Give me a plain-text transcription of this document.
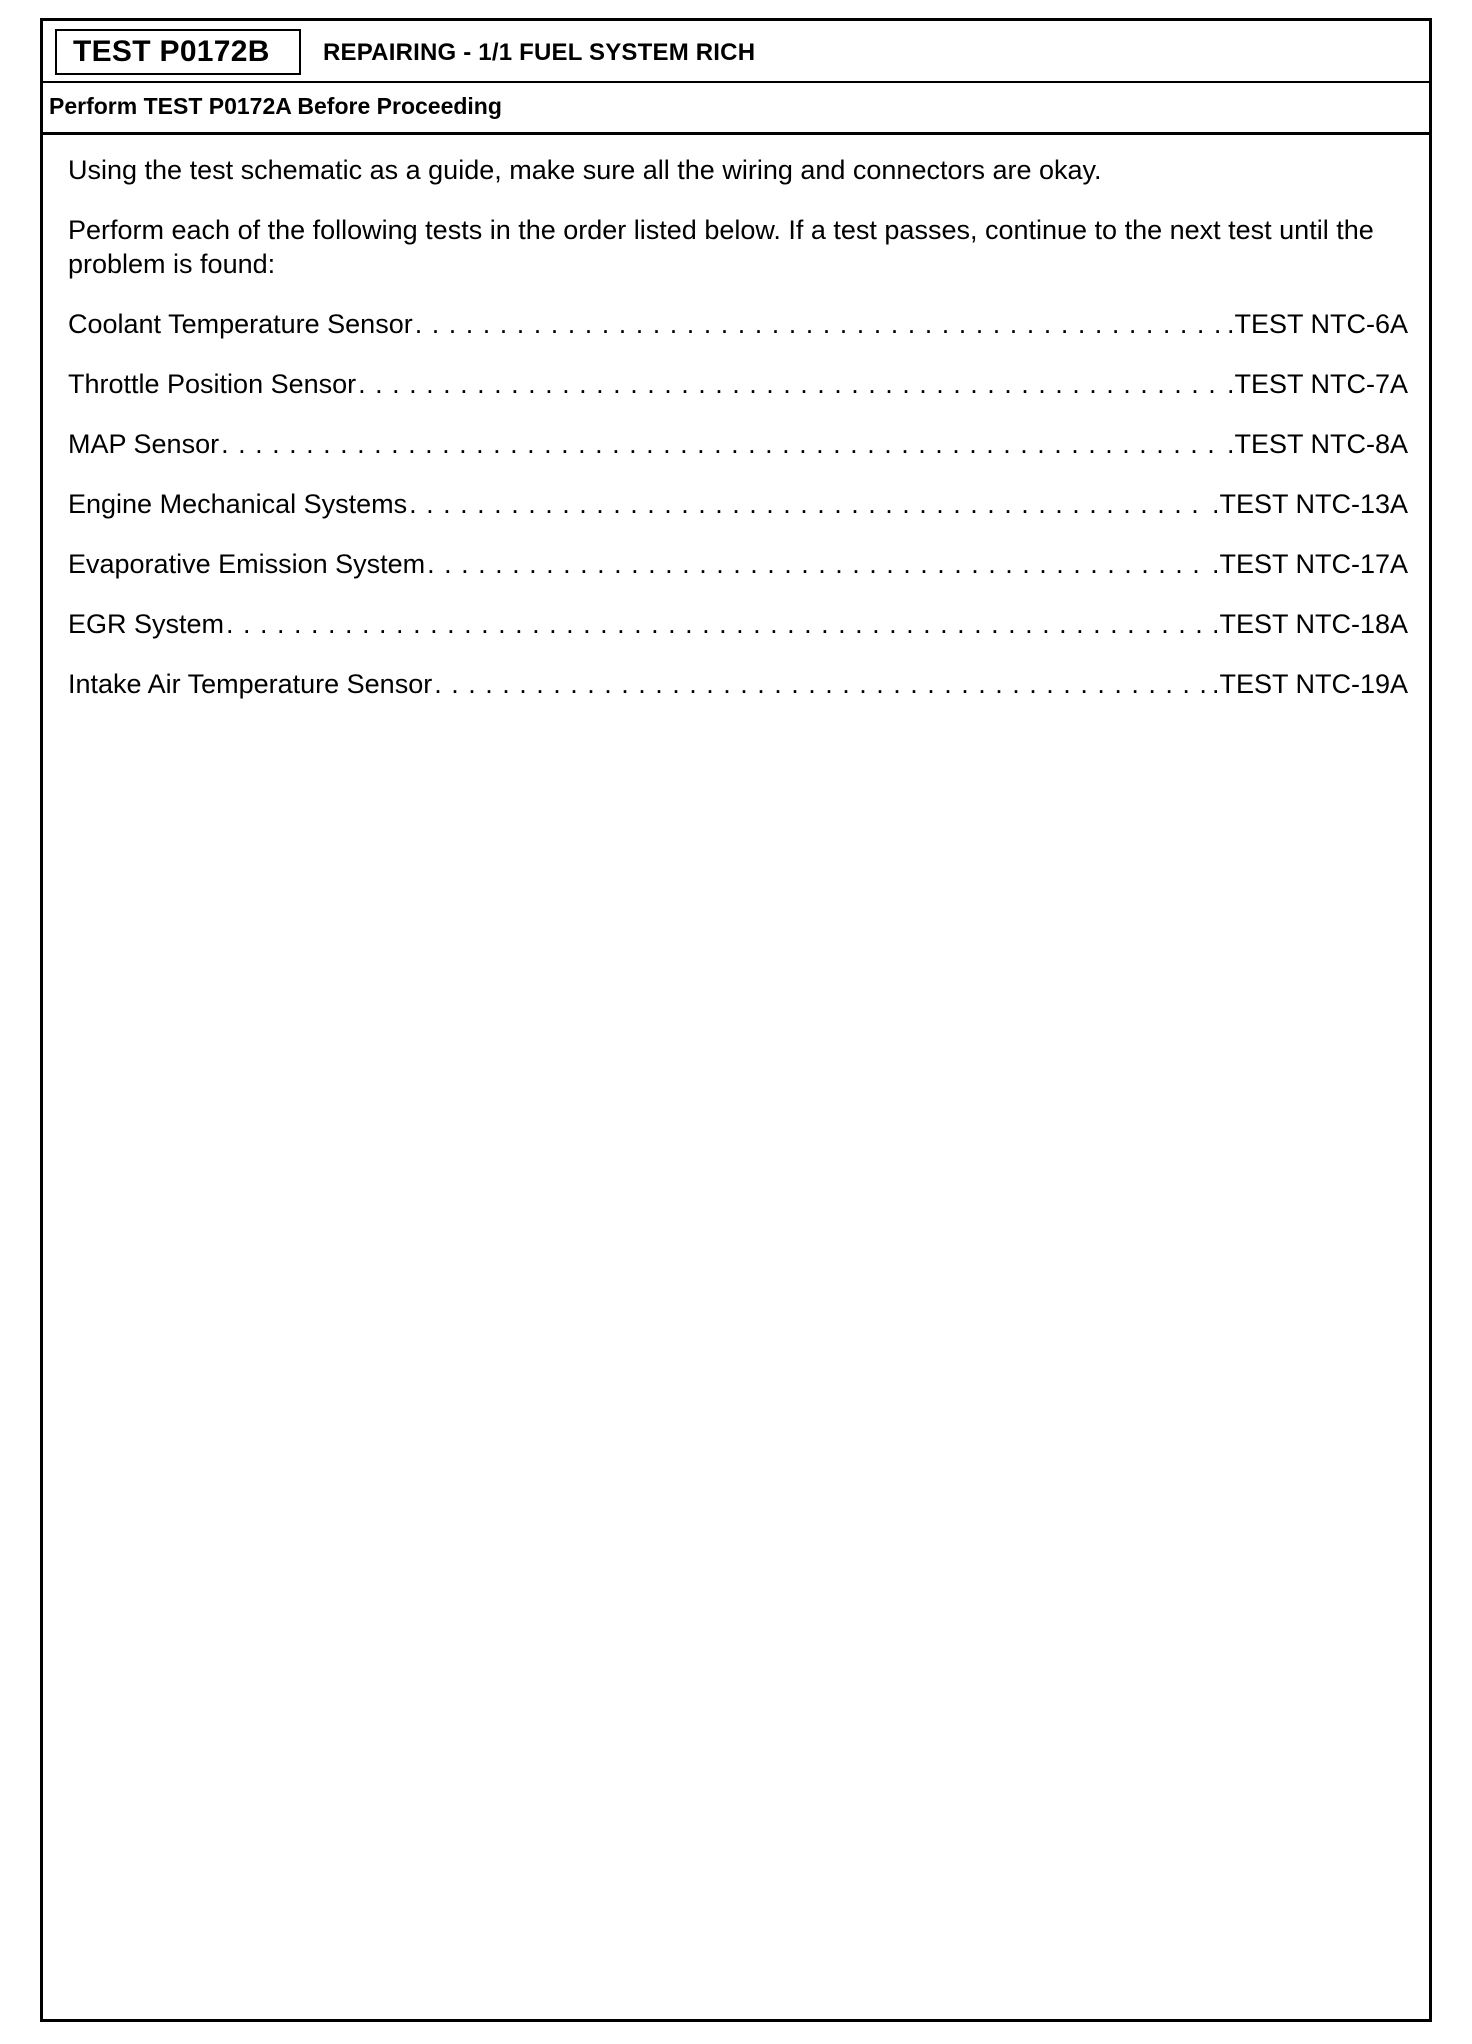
TEST P0172B	REPAIRING - 1/1 FUEL SYSTEM RICH
Perform TEST P0172A Before Proceeding

Using the test schematic as a guide, make sure all the wiring and connectors are okay.

Perform each of the following tests in the order listed below. If a test passes, continue to the next test until the problem is found:

Coolant Temperature Sensor . . .	.TEST NTC-6A
Throttle Position Sensor . . .	.TEST NTC-7A
MAP Sensor . . .	.TEST NTC-8A
Engine Mechanical Systems . . .	.TEST NTC-13A
Evaporative Emission System . . .	.TEST NTC-17A
EGR System . . .	.TEST NTC-18A
Intake Air Temperature Sensor . . .	.TEST NTC-19A
